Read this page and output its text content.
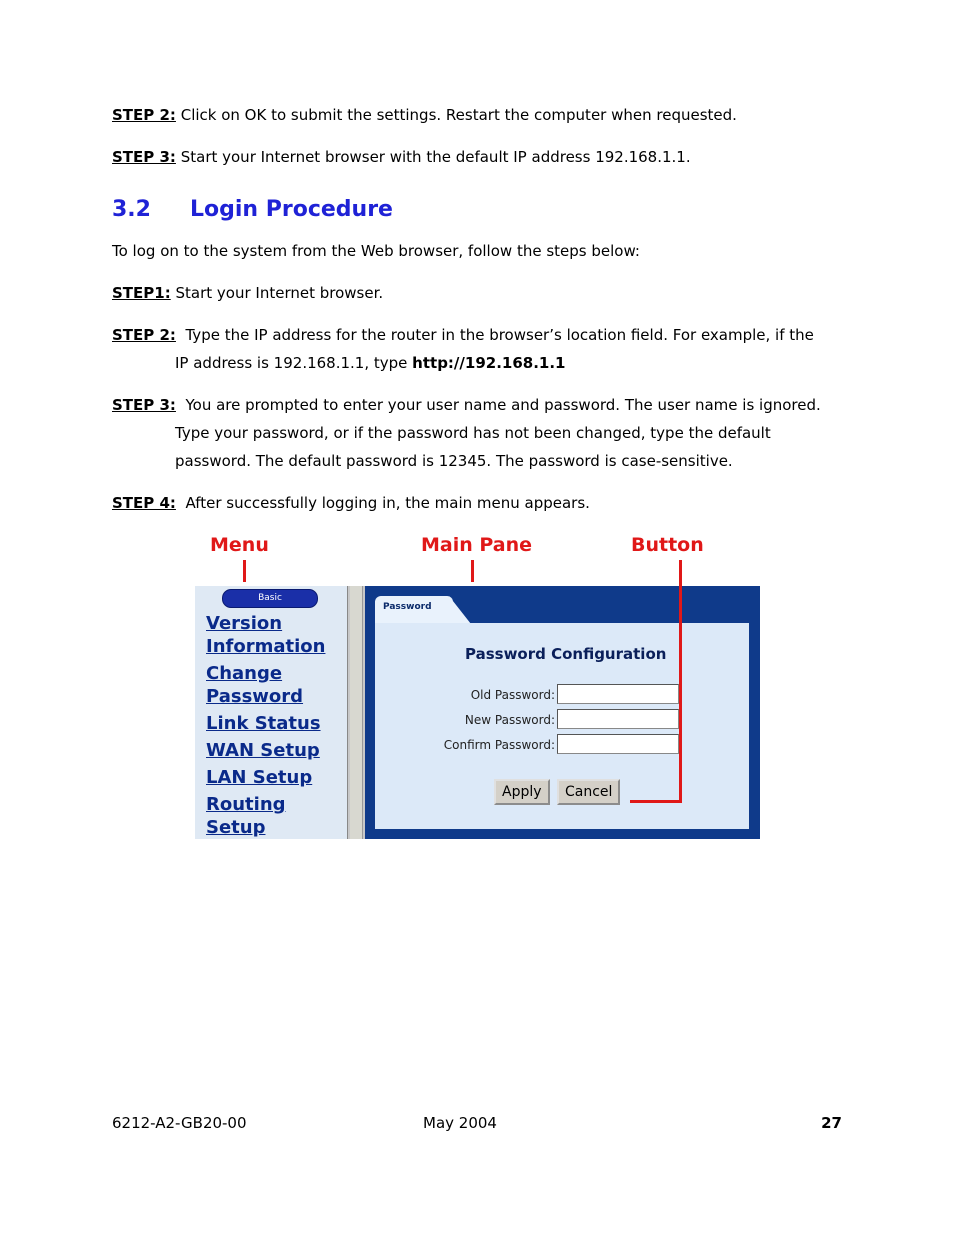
STEP 2: Click on OK to submit the settings. Restart the computer when requested.

STEP 3: Start your Internet browser with the default IP address 192.168.1.1.

3.2 Login Procedure

To log on to the system from the Web browser, follow the steps below:

STEP1: Start your Internet browser.

STEP 2: Type the IP address for the router in the browser’s location field. For example, if the
IP address is 192.168.1.1, type http://192.168.1.1
STEP 3: You are prompted to enter your user name and password. The user name is ignored.
Type your password, or if the password has not been changed, type the default
password. The default password is 12345. The password is case-sensitive.

STEP 4: After successfully logging in, the main menu appears.

Menu	Main Pane	Button
Basic
Version Information
Change Password
Link Status
WAN Setup
LAN Setup
Routing Setup
Password
Password Configuration
Old Password:
New Password:
Confirm Password:
Apply	Cancel
6212-A2-GB20-00	May 2004	27
